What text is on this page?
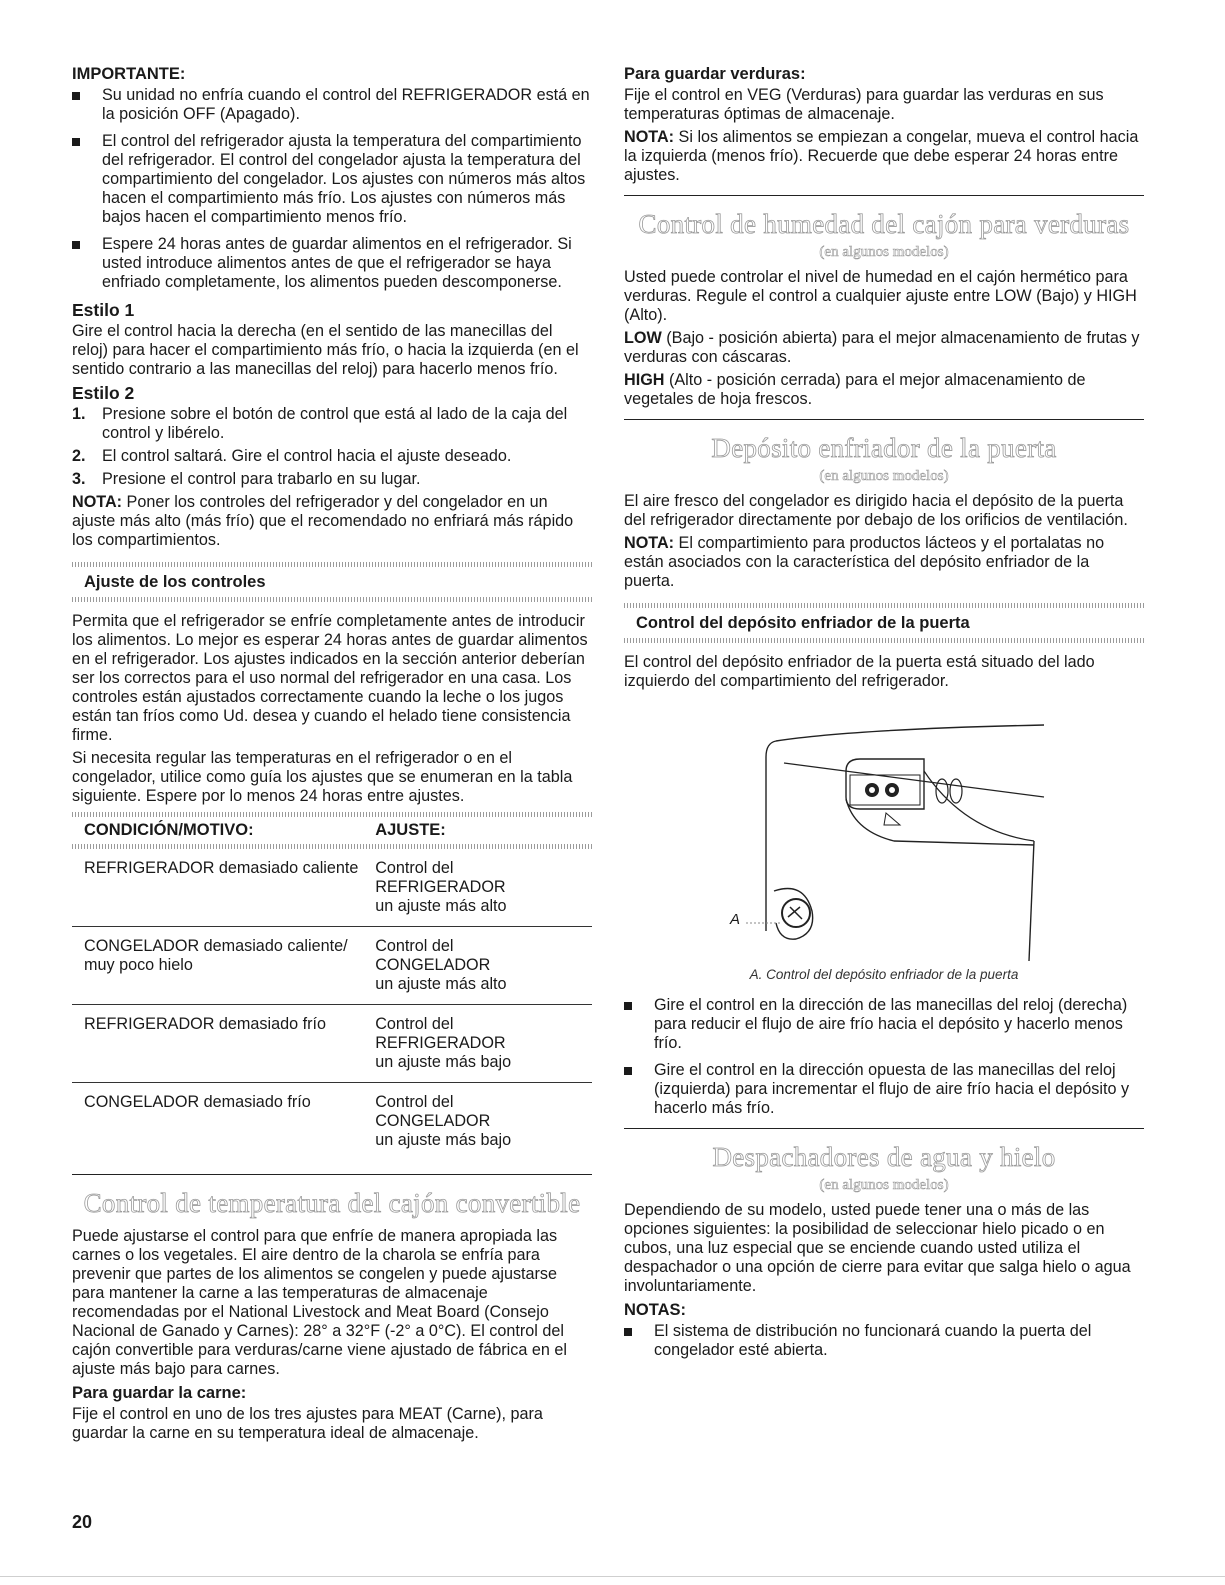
IMPORTANTE:
Su unidad no enfría cuando el control del REFRIGERADOR está en la posición OFF (Apagado).
El control del refrigerador ajusta la temperatura del compartimiento del refrigerador. El control del congelador ajusta la temperatura del compartimiento del congelador. Los ajustes con números más altos hacen el compartimiento más frío. Los ajustes con números más bajos hacen el compartimiento menos frío.
Espere 24 horas antes de guardar alimentos en el refrigerador. Si usted introduce alimentos antes de que el refrigerador se haya enfriado completamente, los alimentos pueden descomponerse.
Estilo 1

Gire el control hacia la derecha (en el sentido de las manecillas del reloj) para hacer el compartimiento más frío, o hacia la izquierda (en el sentido contrario a las manecillas del reloj) para hacerlo menos frío.

Estilo 2
1. Presione sobre el botón de control que está al lado de la caja del control y libérelo.
2. El control saltará. Gire el control hacia el ajuste deseado.
3. Presione el control para trabarlo en su lugar.

NOTA: Poner los controles del refrigerador y del congelador en un ajuste más alto (más frío) que el recomendado no enfriará más rápido los compartimientos.

Ajuste de los controles

Permita que el refrigerador se enfríe completamente antes de introducir los alimentos. Lo mejor es esperar 24 horas antes de guardar alimentos en el refrigerador. Los ajustes indicados en la sección anterior deberían ser los correctos para el uso normal del refrigerador en una casa. Los controles están ajustados correctamente cuando la leche o los jugos están tan fríos como Ud. desea y cuando el helado tiene consistencia firme.

Si necesita regular las temperaturas en el refrigerador o en el congelador, utilice como guía los ajustes que se enumeran en la tabla siguiente. Espere por lo menos 24 horas entre ajustes.

CONDICIÓN/MOTIVO:	AJUSTE:

REFRIGERADOR demasiado caliente	Control del
REFRIGERADOR
un ajuste más alto

CONGELADOR demasiado caliente/ muy poco hielo	Control del
CONGELADOR
un ajuste más alto

REFRIGERADOR demasiado frío	Control del
REFRIGERADOR
un ajuste más bajo

CONGELADOR demasiado frío	Control del
CONGELADOR
un ajuste más bajo
Control de temperatura del cajón convertible

Puede ajustarse el control para que enfríe de manera apropiada las carnes o los vegetales. El aire dentro de la charola se enfría para prevenir que partes de los alimentos se congelen y puede ajustarse para mantener la carne a las temperaturas de almacenaje recomendadas por el National Livestock and Meat Board (Consejo Nacional de Ganado y Carnes): 28° a 32°F (-2° a 0°C). El control del cajón convertible para verduras/carne viene ajustado de fábrica en el ajuste más bajo para carnes.

Para guardar la carne:

Fije el control en uno de los tres ajustes para MEAT (Carne), para guardar la carne en su temperatura ideal de almacenaje.

Para guardar verduras:

Fije el control en VEG (Verduras) para guardar las verduras en sus temperaturas óptimas de almacenaje.

NOTA: Si los alimentos se empiezan a congelar, mueva el control hacia la izquierda (menos frío). Recuerde que debe esperar 24 horas entre ajustes.

Control de humedad del cajón para verduras
(en algunos modelos)

Usted puede controlar el nivel de humedad en el cajón hermético para verduras. Regule el control a cualquier ajuste entre LOW (Bajo) y HIGH (Alto).

LOW (Bajo - posición abierta) para el mejor almacenamiento de frutas y verduras con cáscaras.

HIGH (Alto - posición cerrada) para el mejor almacenamiento de vegetales de hoja frescos.

Depósito enfriador de la puerta
(en algunos modelos)

El aire fresco del congelador es dirigido hacia el depósito de la puerta del refrigerador directamente por debajo de los orificios de ventilación.

NOTA: El compartimiento para productos lácteos y el portalatas no están asociados con la característica del depósito enfriador de la puerta.

Control del depósito enfriador de la puerta

El control del depósito enfriador de la puerta está situado del lado izquierdo del compartimiento del refrigerador.

A
A. Control del depósito enfriador de la puerta
Gire el control en la dirección de las manecillas del reloj (derecha) para reducir el flujo de aire frío hacia el depósito y hacerlo menos frío.
Gire el control en la dirección opuesta de las manecillas del reloj (izquierda) para incrementar el flujo de aire frío hacia el depósito y hacerlo más frío.
Despachadores de agua y hielo
(en algunos modelos)

Dependiendo de su modelo, usted puede tener una o más de las opciones siguientes: la posibilidad de seleccionar hielo picado o en cubos, una luz especial que se enciende cuando usted utiliza el despachador o una opción de cierre para evitar que salga hielo o agua involuntariamente.

NOTAS:
El sistema de distribución no funcionará cuando la puerta del congelador esté abierta.
20
